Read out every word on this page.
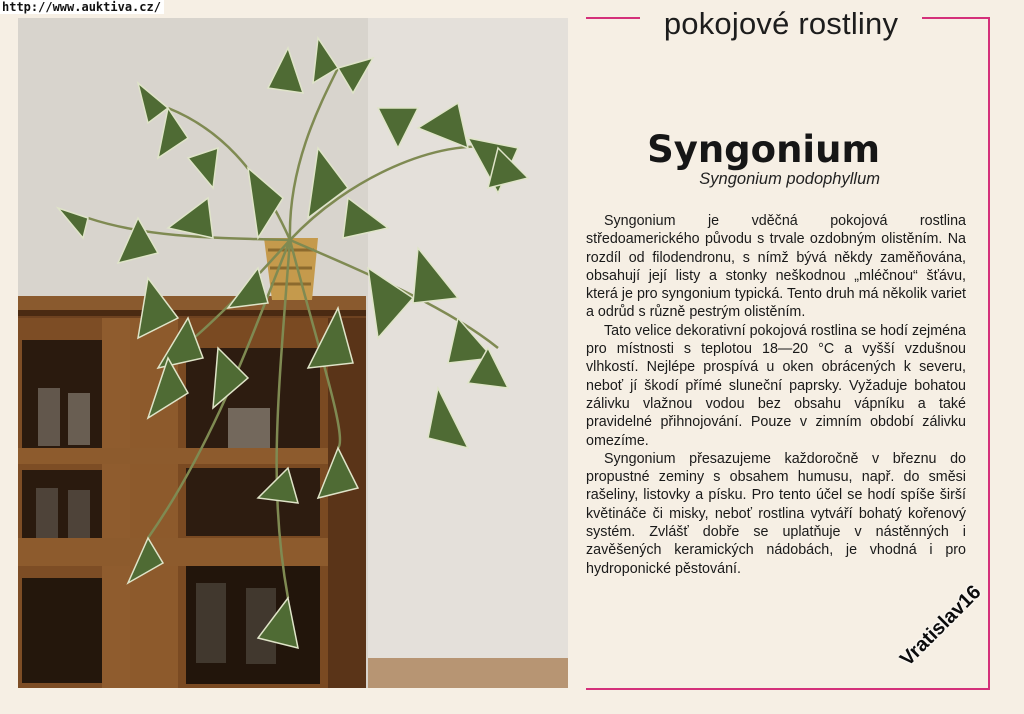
http://www.auktiva.cz/	pokojové rostliny
Syngonium
Syngonium podophyllum

Syngonium je vděčná pokojová rostlina středoamerického původu s trvale ozdobným olistěním. Na rozdíl od filodendronu, s nímž bývá někdy zaměňována, obsahují její listy a stonky neškodnou „mléčnou“ šťávu, která je pro syngonium typická. Tento druh má několik variet a odrůd s různě pestrým olistěním.

Tato velice dekorativní pokojová rostlina se hodí zejména pro místnosti s teplotou 18—20 °C a vyšší vzdušnou vlhkostí. Nejlépe prospívá u oken obrácených k severu, neboť jí škodí přímé sluneční paprsky. Vyžaduje bohatou zálivku vlažnou vodou bez obsahu vápníku a také pravidelné přihnojování. Pouze v zimním období zálivku omezíme.

Syngonium přesazujeme každoročně v březnu do propustné zeminy s obsahem humusu, např. do směsi rašeliny, listovky a písku. Pro tento účel se hodí spíše širší květináče či misky, neboť rostlina vytváří bohatý kořenový systém. Zvlášť dobře se uplatňuje v nástěnných i zavěšených keramických nádobách, je vhodná i pro hydroponické pěstování.

Vratislav16
